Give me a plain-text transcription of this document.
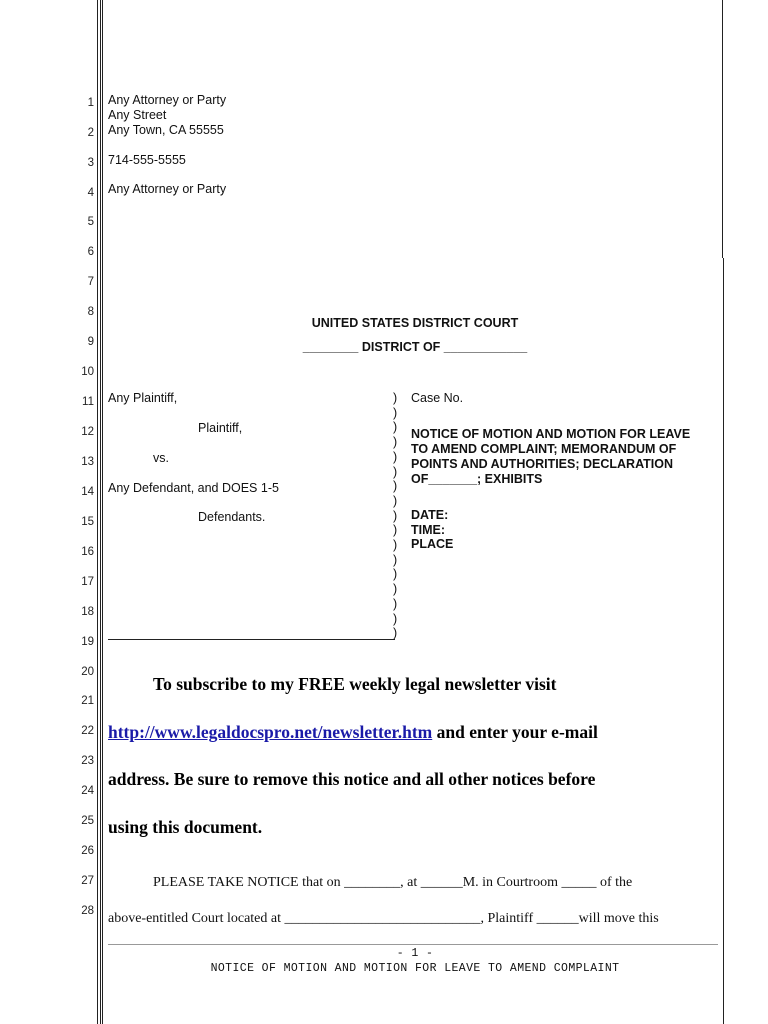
1
2
3
4
5
6
7
8
9
10
11
12
13
14
15
16
17
18
19
20
21
22
23
24
25
26
27
28
Any Attorney or Party
Any Street
Any Town, CA 55555
714-555-5555
Any Attorney or Party
UNITED STATES DISTRICT COURT
________ DISTRICT OF ____________
Any Plaintiff,
Plaintiff,
vs.
Any Defendant, and DOES 1-5
Defendants.
)
)
)
)
)
)
)
)
)
)
)
)
)
)
)
)
)
Case No.
NOTICE OF MOTION AND MOTION FOR LEAVE
TO AMEND COMPLAINT; MEMORANDUM OF
POINTS AND AUTHORITIES; DECLARATION
OF_______; EXHIBITS
DATE:
TIME:
PLACE
To subscribe to my FREE weekly legal newsletter visit
http://www.legaldocspro.net/newsletter.htm and enter your e-mail
address. Be sure to remove this notice and all other notices before
using this document.
PLEASE TAKE NOTICE that on ________, at ______M. in Courtroom _____ of the
above-entitled Court located at ____________________________, Plaintiff ______will move this
- 1 -
NOTICE OF MOTION AND MOTION FOR LEAVE TO AMEND COMPLAINT
